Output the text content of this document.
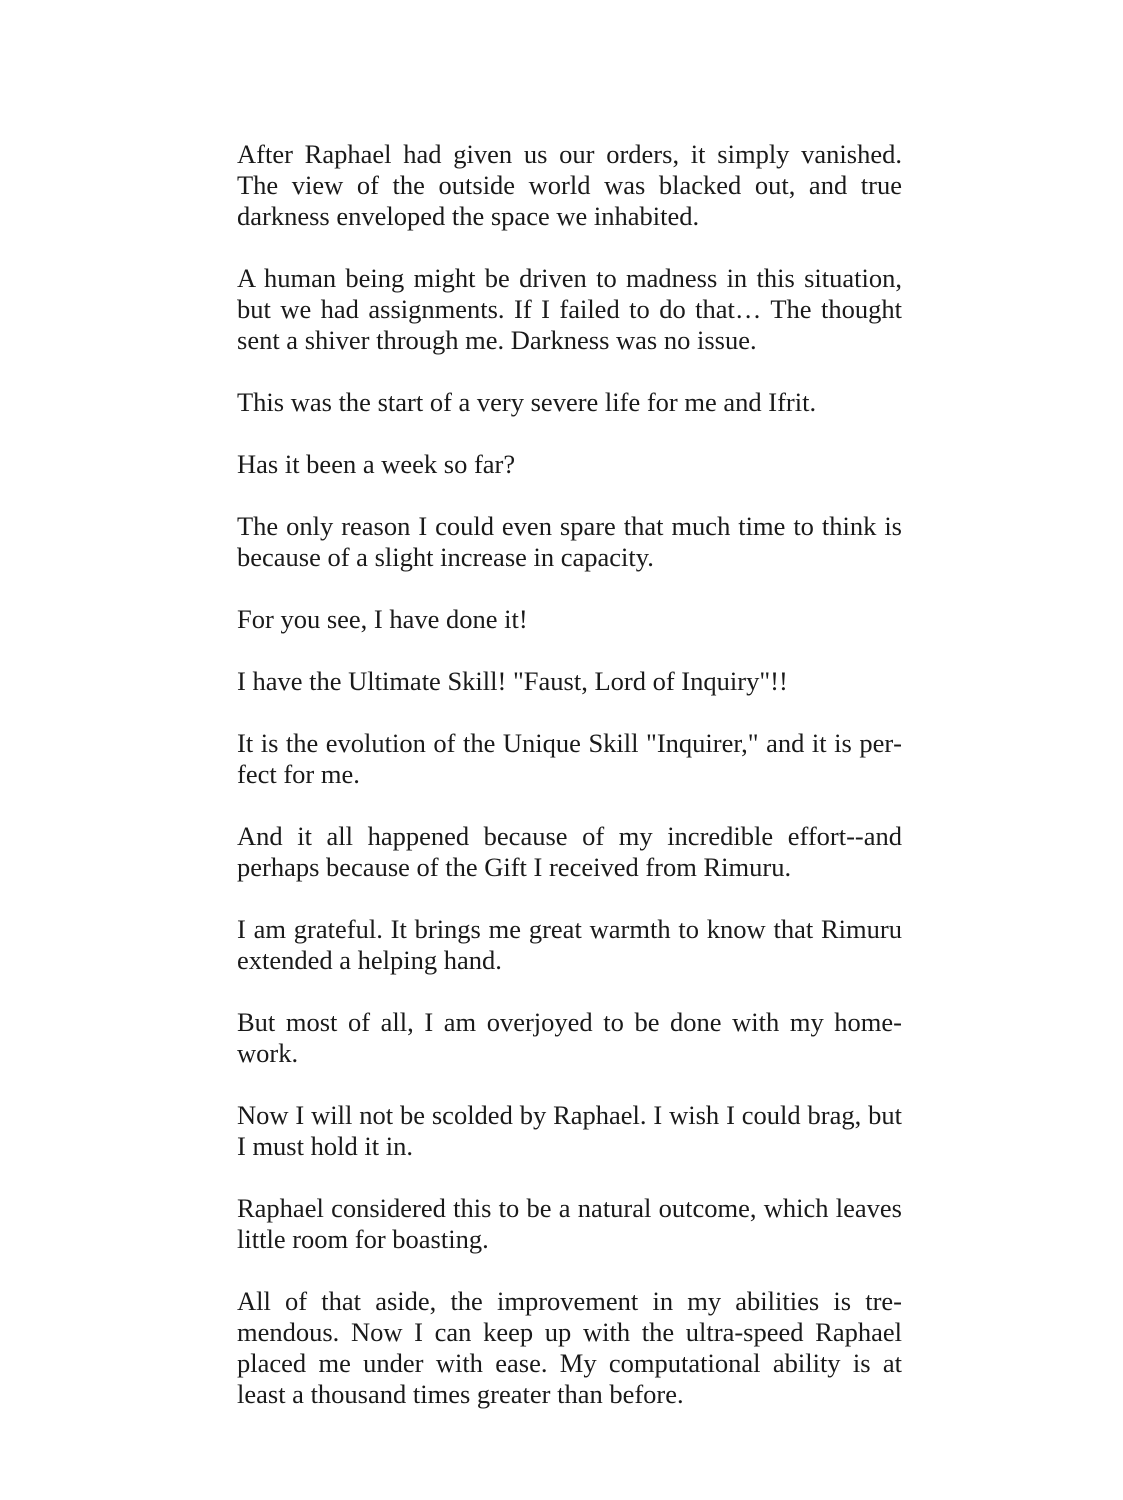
After Raphael had given us our orders, it simply vanished. The view of the outside world was blacked out, and true darkness enveloped the space we inhabited.

A human being might be driven to madness in this situation, but we had assignments. If I failed to do that… The thought sent a shiver through me. Darkness was no issue.

This was the start of a very severe life for me and Ifrit.

Has it been a week so far?

The only reason I could even spare that much time to think is because of a slight increase in capacity.

For you see, I have done it!

I have the Ultimate Skill! "Faust, Lord of Inquiry"!!

It is the evolution of the Unique Skill "Inquirer," and it is perfect for me.

And it all happened because of my incredible effort--and perhaps because of the Gift I received from Rimuru.

I am grateful. It brings me great warmth to know that Rimuru extended a helping hand.

But most of all, I am overjoyed to be done with my homework.

Now I will not be scolded by Raphael. I wish I could brag, but I must hold it in.

Raphael considered this to be a natural outcome, which leaves little room for boasting.

All of that aside, the improvement in my abilities is tremendous. Now I can keep up with the ultra-speed Raphael placed me under with ease. My computational ability is at least a thousand times greater than before.
